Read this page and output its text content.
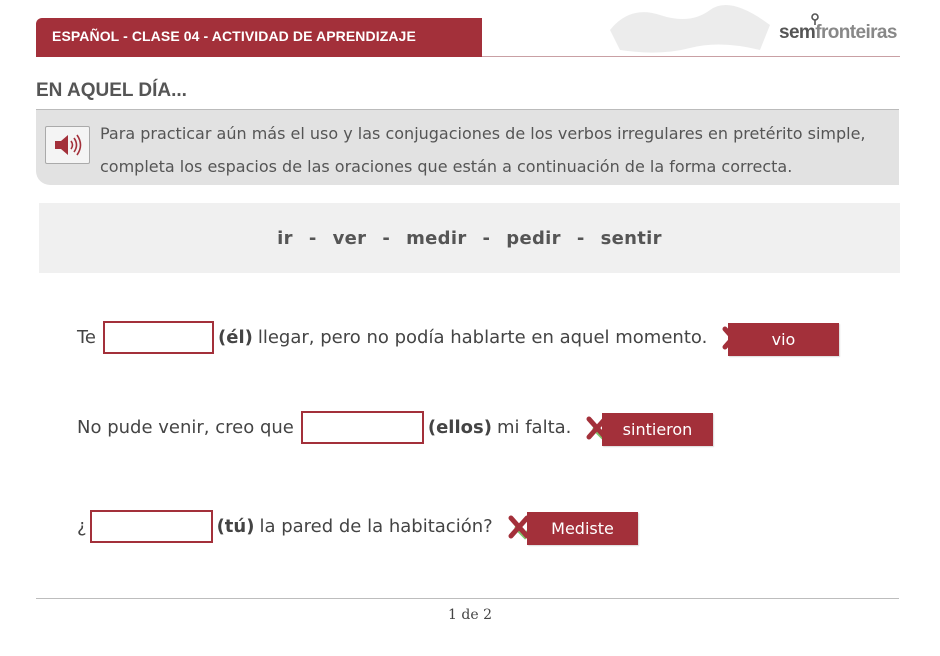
ESPAÑOL - CLASE 04 - ACTIVIDAD DE APRENDIZAJE	semfronteiras
EN AQUEL DÍA...
Para practicar aún más el uso y las conjugaciones de los verbos irregulares en pretérito simple,
completa los espacios de las oraciones que están a continuación de la forma correcta.
ir - ver - medir - pedir - sentir
Te	(él) llegar, pero no podía hablarte en aquel momento.	vio
No pude venir, creo que	(ellos) mi falta.	sintieron
¿	(tú) la pared de la habitación?	Mediste
1 de 2
